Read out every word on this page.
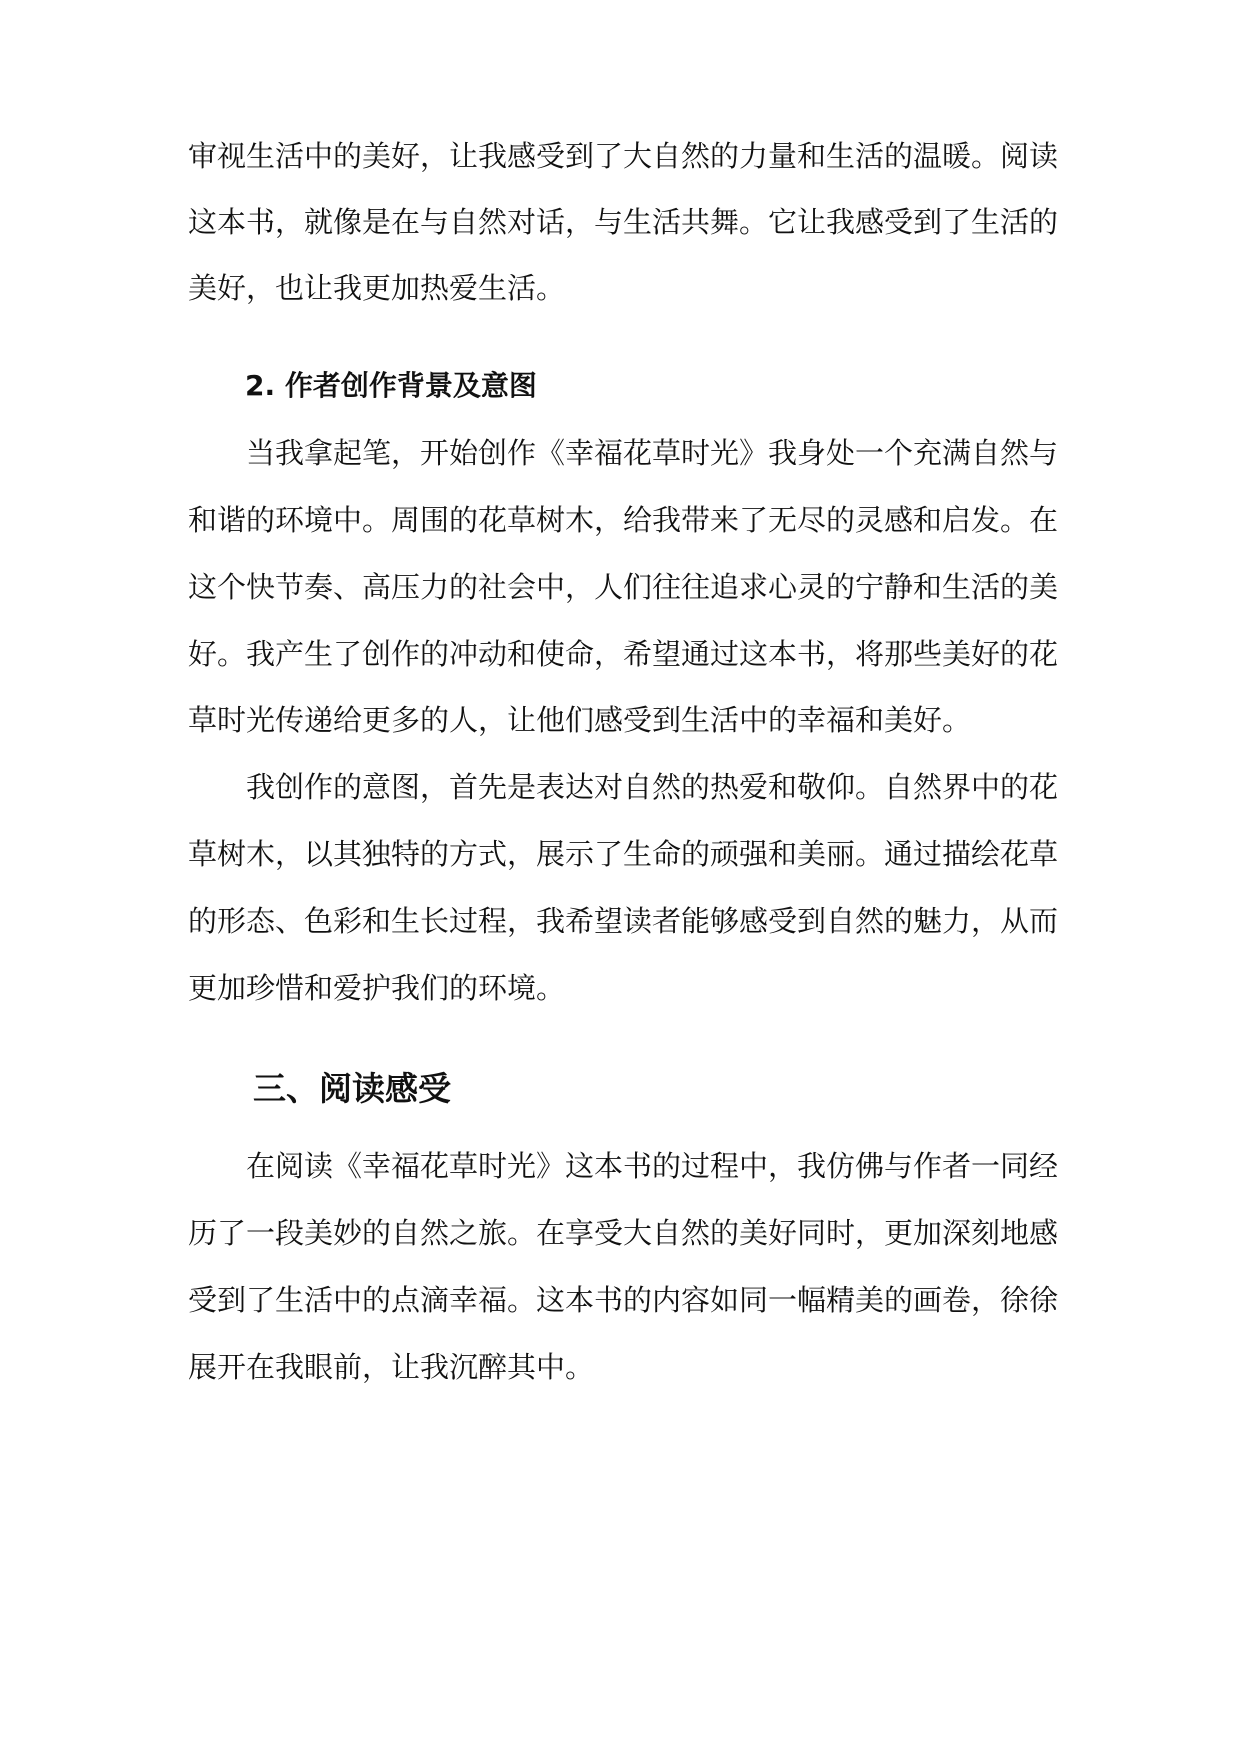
审视生活中的美好，让我感受到了大自然的力量和生活的温暖。阅读
这本书，就像是在与自然对话，与生活共舞。它让我感受到了生活的
美好，也让我更加热爱生活。
2. 作者创作背景及意图
当我拿起笔，开始创作《幸福花草时光》我身处一个充满自然与
和谐的环境中。周围的花草树木，给我带来了无尽的灵感和启发。在
这个快节奏、高压力的社会中，人们往往追求心灵的宁静和生活的美
好。我产生了创作的冲动和使命，希望通过这本书，将那些美好的花
草时光传递给更多的人，让他们感受到生活中的幸福和美好。
我创作的意图，首先是表达对自然的热爱和敬仰。自然界中的花
草树木，以其独特的方式，展示了生命的顽强和美丽。通过描绘花草
的形态、色彩和生长过程，我希望读者能够感受到自然的魅力，从而
更加珍惜和爱护我们的环境。
三、阅读感受
在阅读《幸福花草时光》这本书的过程中，我仿佛与作者一同经
历了一段美妙的自然之旅。在享受大自然的美好同时，更加深刻地感
受到了生活中的点滴幸福。这本书的内容如同一幅精美的画卷，徐徐
展开在我眼前，让我沉醉其中。
